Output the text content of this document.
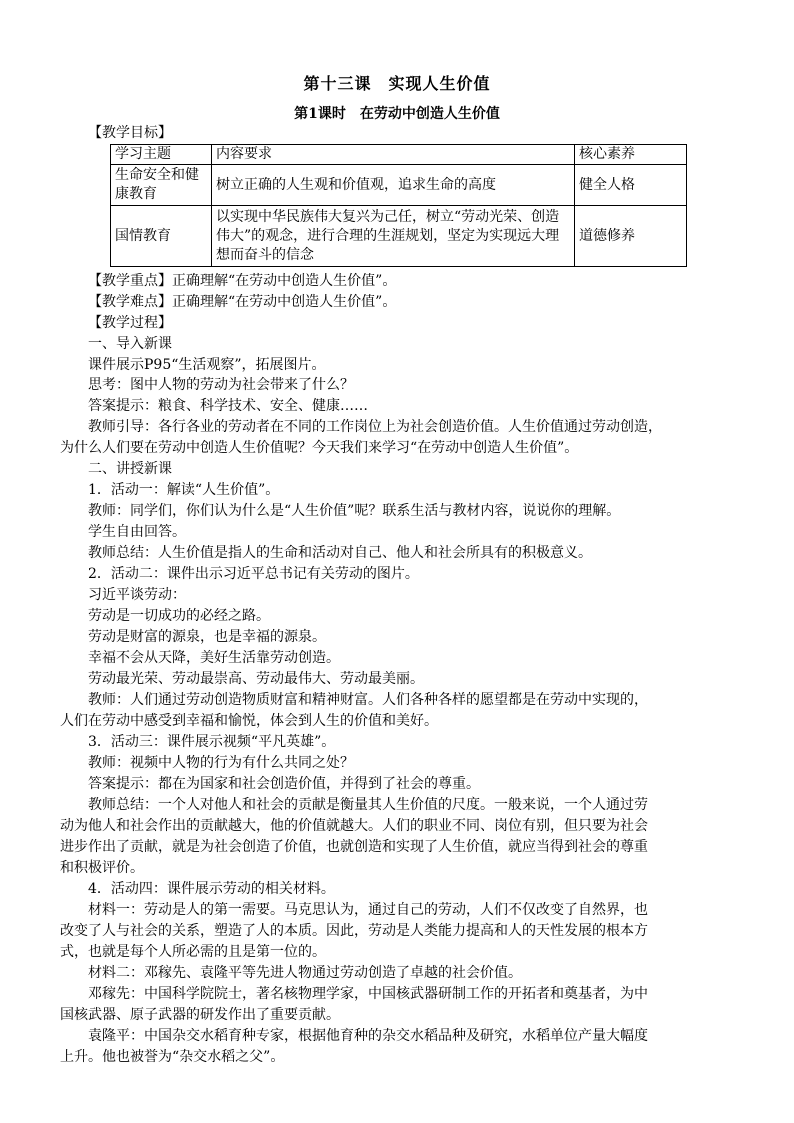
第十三课　实现人生价值
第1课时　在劳动中创造人生价值
【教学目标】
学习主题	内容要求	核心素养
生命安全和健康教育	树立正确的人生观和价值观，追求生命的高度	健全人格
国情教育	以实现中华民族伟大复兴为己任，树立“劳动光荣、创造伟大”的观念，进行合理的生涯规划，坚定为实现远大理想而奋斗的信念	道德修养
【教学重点】正确理解“在劳动中创造人生价值”。
【教学难点】正确理解“在劳动中创造人生价值”。
【教学过程】
一、导入新课
课件展示P95“生活观察”，拓展图片。
思考：图中人物的劳动为社会带来了什么？
答案提示：粮食、科学技术、安全、健康……
教师引导：各行各业的劳动者在不同的工作岗位上为社会创造价值。人生价值通过劳动创造，
为什么人们要在劳动中创造人生价值呢？今天我们来学习“在劳动中创造人生价值”。
二、讲授新课
1．活动一：解读“人生价值”。
教师：同学们，你们认为什么是“人生价值”呢？联系生活与教材内容，说说你的理解。
学生自由回答。
教师总结：人生价值是指人的生命和活动对自己、他人和社会所具有的积极意义。
2．活动二：课件出示习近平总书记有关劳动的图片。
习近平谈劳动：
劳动是一切成功的必经之路。
劳动是财富的源泉，也是幸福的源泉。
幸福不会从天降，美好生活靠劳动创造。
劳动最光荣、劳动最崇高、劳动最伟大、劳动最美丽。
教师：人们通过劳动创造物质财富和精神财富。人们各种各样的愿望都是在劳动中实现的，
人们在劳动中感受到幸福和愉悦，体会到人生的价值和美好。
3．活动三：课件展示视频“平凡英雄”。
教师：视频中人物的行为有什么共同之处？
答案提示：都在为国家和社会创造价值，并得到了社会的尊重。
教师总结：一个人对他人和社会的贡献是衡量其人生价值的尺度。一般来说，一个人通过劳
动为他人和社会作出的贡献越大，他的价值就越大。人们的职业不同、岗位有别，但只要为社会
进步作出了贡献，就是为社会创造了价值，也就创造和实现了人生价值，就应当得到社会的尊重
和积极评价。
4．活动四：课件展示劳动的相关材料。
材料一：劳动是人的第一需要。马克思认为，通过自己的劳动，人们不仅改变了自然界，也
改变了人与社会的关系，塑造了人的本质。因此，劳动是人类能力提高和人的天性发展的根本方
式，也就是每个人所必需的且是第一位的。
材料二：邓稼先、袁隆平等先进人物通过劳动创造了卓越的社会价值。
邓稼先：中国科学院院士，著名核物理学家，中国核武器研制工作的开拓者和奠基者，为中
国核武器、原子武器的研发作出了重要贡献。
袁隆平：中国杂交水稻育种专家，根据他育种的杂交水稻品种及研究，水稻单位产量大幅度
上升。他也被誉为“杂交水稻之父”。
